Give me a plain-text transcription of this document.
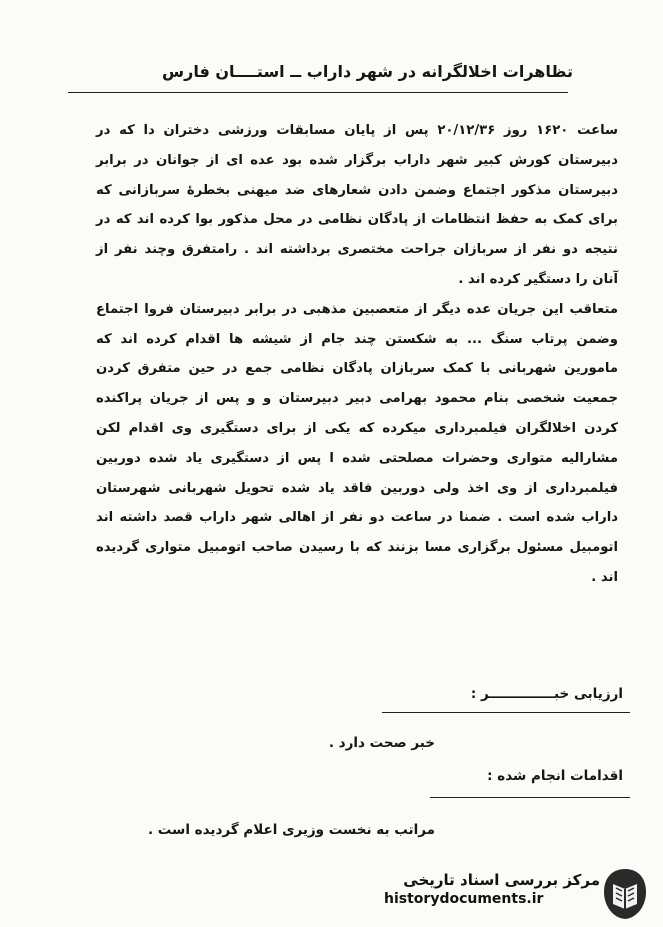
تظاهرات اخلالگرانه در شهر داراب ــ استــــان فارس

ساعت ۱۶۲۰ روز ۲۰/۱۲/۳۶ پس از پایان مسابقات ورزشی دختران دا که در دبیرستان کورش کبیر شهر داراب برگزار شده بود عده ای از جوانان در برابر دبیرستان مذکور اجتماع وضمن دادن شعارهای ضد میهنی بخطرهٔ سربازانی که برای کمک به حفظ انتظامات از پادگان نظامی در محل مذکور بوا کرده اند که در نتیجه دو نفر از سربازان جراحت مختصری برداشته اند . رامتفرق وچند نفر از آنان را دستگیر کرده اند .

متعاقب این جریان عده دیگر از متعصبین مذهبی در برابر دبیرستان فروا اجتماع وضمن پرتاب سنگ ... به شکستن چند جام از شیشه ها اقدام کرده اند که مامورین شهربانی با کمک سربازان پادگان نظامی جمع در حین متفرق کردن جمعیت شخصی بنام محمود بهرامی دبیر دبیرستان و و پس از جریان پراکنده کردن اخلالگران فیلمبرداری میکرده که یکی از برای دستگیری وی اقدام لکن مشارالیه متواری وحضرات مصلحتی شده ا پس از دستگیری یاد شده دوربین فیلمبرداری از وی اخذ ولی دوربین فاقد یاد شده تحویل شهربانی شهرستان داراب شده است . ضمنا در ساعت دو نفر از اهالی شهر داراب قصد داشته اند اتومبیل مسئول برگزاری مسا بزنند که با رسیدن صاحب اتومبیل متواری گردیده اند .

ارزیابی خبــــــــــــــر :
خبر صحت دارد .
اقدامات انجام شده :
مراتب به نخست وزیری اعلام گردیده است .
مرکز بررسی اسناد تاریخی
historydocuments.ir
